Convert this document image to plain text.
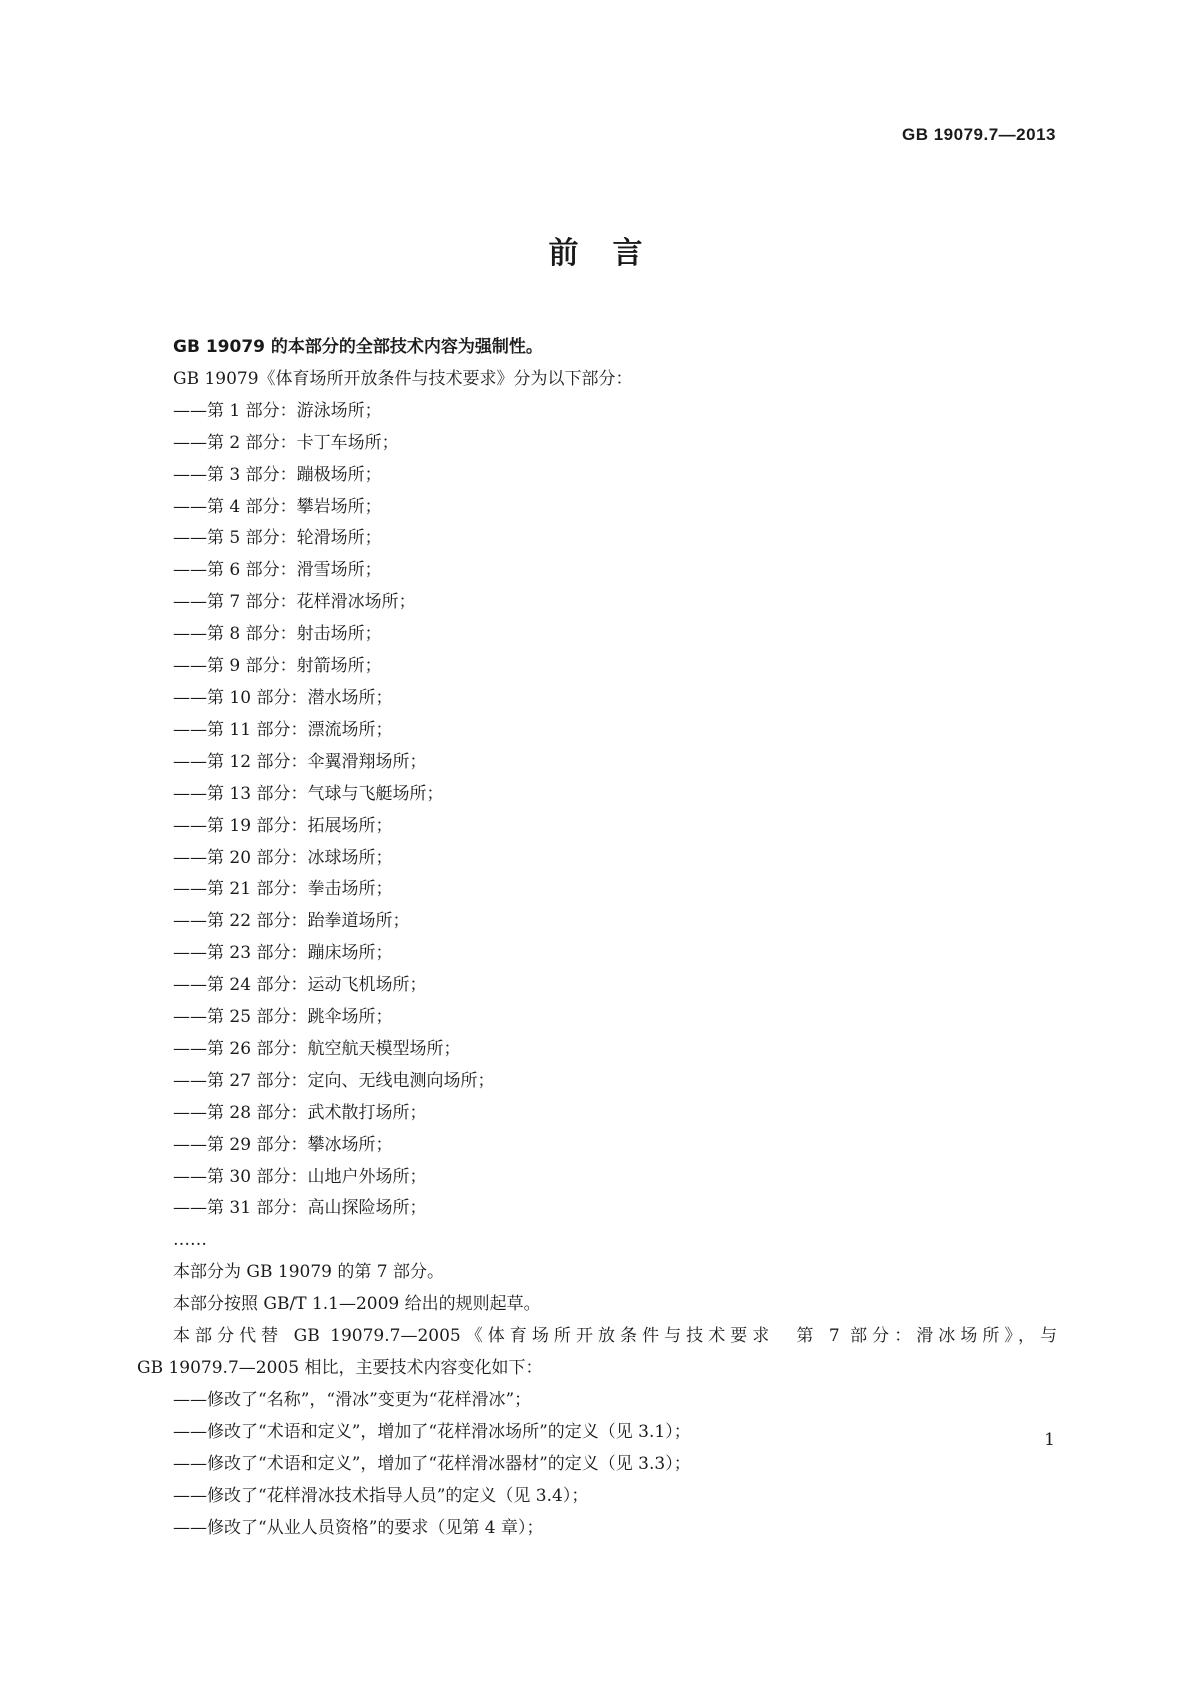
GB 19079.7—2013
前言

GB 19079 的本部分的全部技术内容为强制性。

GB 19079《体育场所开放条件与技术要求》分为以下部分：

——第 1 部分：游泳场所；

——第 2 部分：卡丁车场所；

——第 3 部分：蹦极场所；

——第 4 部分：攀岩场所；

——第 5 部分：轮滑场所；

——第 6 部分：滑雪场所；

——第 7 部分：花样滑冰场所；

——第 8 部分：射击场所；

——第 9 部分：射箭场所；

——第 10 部分：潜水场所；

——第 11 部分：漂流场所；

——第 12 部分：伞翼滑翔场所；

——第 13 部分：气球与飞艇场所；

——第 19 部分：拓展场所；

——第 20 部分：冰球场所；

——第 21 部分：拳击场所；

——第 22 部分：跆拳道场所；

——第 23 部分：蹦床场所；

——第 24 部分：运动飞机场所；

——第 25 部分：跳伞场所；

——第 26 部分：航空航天模型场所；

——第 27 部分：定向、无线电测向场所；

——第 28 部分：武术散打场所；

——第 29 部分：攀冰场所；

——第 30 部分：山地户外场所；

——第 31 部分：高山探险场所；

……

本部分为 GB 19079 的第 7 部分。

本部分按照 GB/T 1.1—2009 给出的规则起草。

本部分代替 GB 19079.7—2005《体育场所开放条件与技术要求　第 7 部分：滑冰场所》，与

GB 19079.7—2005 相比，主要技术内容变化如下：

——修改了“名称”，“滑冰”变更为“花样滑冰”；

——修改了“术语和定义”，增加了“花样滑冰场所”的定义（见 3.1）；

——修改了“术语和定义”，增加了“花样滑冰器材”的定义（见 3.3）；

——修改了“花样滑冰技术指导人员”的定义（见 3.4）；

——修改了“从业人员资格”的要求（见第 4 章）；

1
